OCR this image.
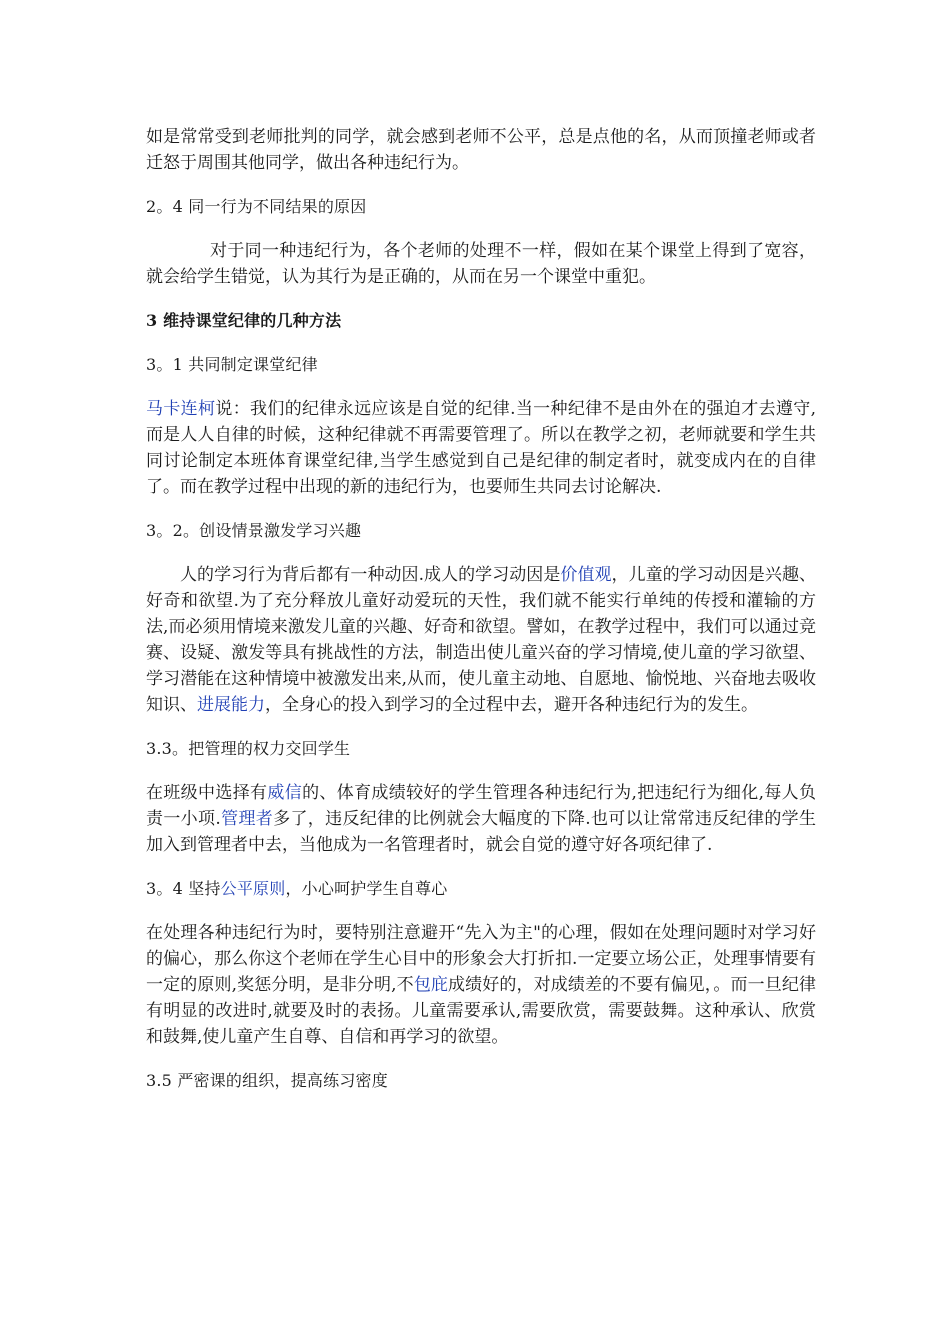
如是常常受到老师批判的同学，就会感到老师不公平，总是点他的名，从而顶撞老师或者迁怒于周围其他同学，做出各种违纪行为。

2。4 同一行为不同结果的原因

对于同一种违纪行为，各个老师的处理不一样，假如在某个课堂上得到了宽容，就会给学生错觉，认为其行为是正确的，从而在另一个课堂中重犯。

3 维持课堂纪律的几种方法

3。1 共同制定课堂纪律

马卡连柯说：我们的纪律永远应该是自觉的纪律.当一种纪律不是由外在的强迫才去遵守,而是人人自律的时候，这种纪律就不再需要管理了。所以在教学之初，老师就要和学生共同讨论制定本班体育课堂纪律,当学生感觉到自己是纪律的制定者时，就变成内在的自律了。而在教学过程中出现的新的违纪行为，也要师生共同去讨论解决.

3。2。创设情景激发学习兴趣

人的学习行为背后都有一种动因.成人的学习动因是价值观，儿童的学习动因是兴趣、好奇和欲望.为了充分释放儿童好动爱玩的天性，我们就不能实行单纯的传授和灌输的方法,而必须用情境来激发儿童的兴趣、好奇和欲望。譬如，在教学过程中，我们可以通过竞赛、设疑、激发等具有挑战性的方法，制造出使儿童兴奋的学习情境,使儿童的学习欲望、学习潜能在这种情境中被激发出来,从而，使儿童主动地、自愿地、愉悦地、兴奋地去吸收知识、进展能力，全身心的投入到学习的全过程中去，避开各种违纪行为的发生。

3.3。把管理的权力交回学生

在班级中选择有威信的、体育成绩较好的学生管理各种违纪行为,把违纪行为细化,每人负责一小项.管理者多了，违反纪律的比例就会大幅度的下降.也可以让常常违反纪律的学生加入到管理者中去，当他成为一名管理者时，就会自觉的遵守好各项纪律了.

3。4 坚持公平原则，小心呵护学生自尊心

在处理各种违纪行为时，要特别注意避开“先入为主"的心理，假如在处理问题时对学习好的偏心，那么你这个老师在学生心目中的形象会大打折扣.一定要立场公正，处理事情要有一定的原则,奖惩分明，是非分明,不包庇成绩好的，对成绩差的不要有偏见，。而一旦纪律有明显的改进时,就要及时的表扬。儿童需要承认,需要欣赏，需要鼓舞。这种承认、欣赏和鼓舞,使儿童产生自尊、自信和再学习的欲望。

3.5 严密课的组织，提高练习密度
